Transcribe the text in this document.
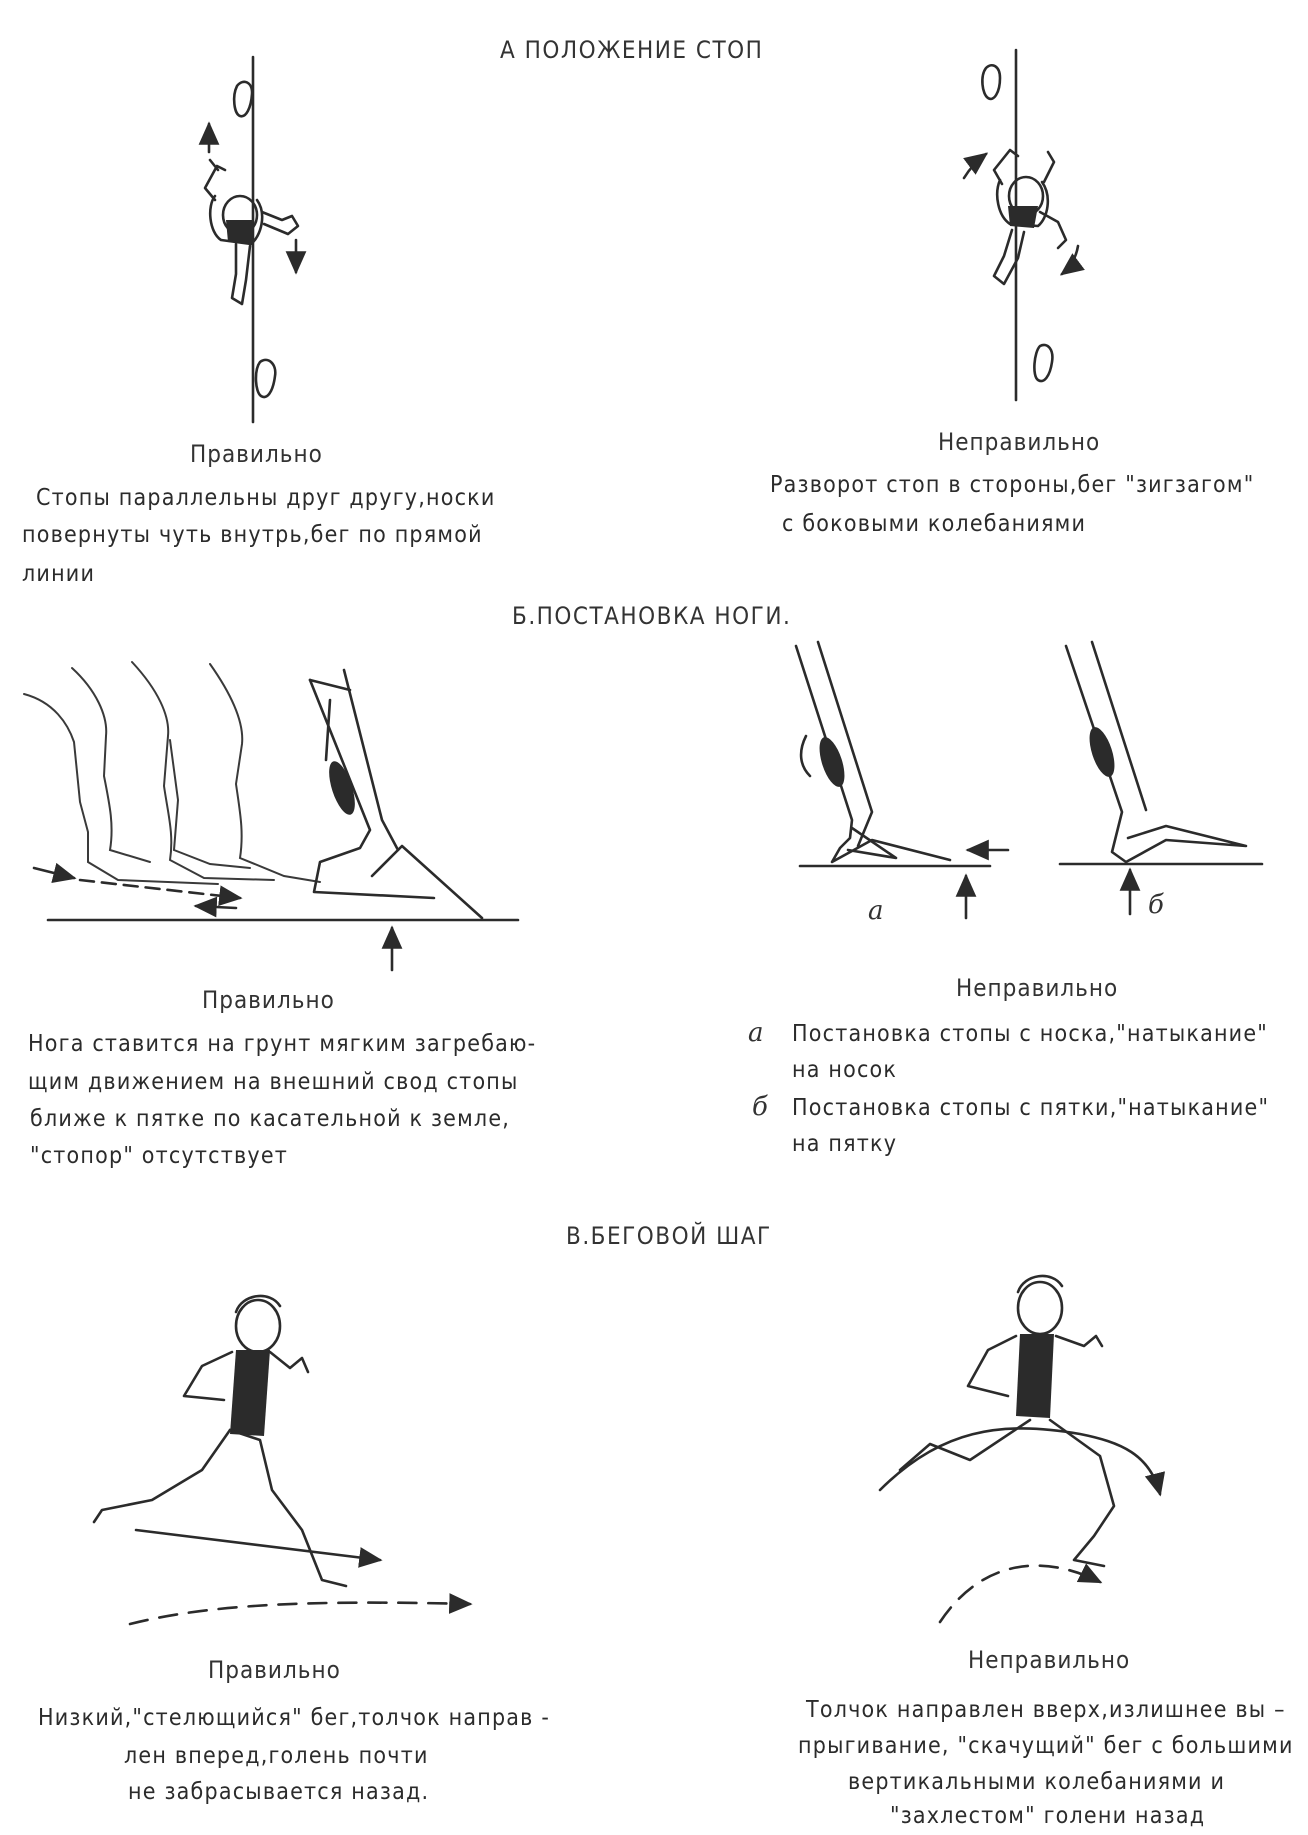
А ПОЛОЖЕНИЕ СТОП
Правильно
Стопы параллельны друг другу,носки
повернуты чуть внутрь,бег по прямой
линии
Неправильно
Разворот стоп в стороны,бег "зигзагом"
с боковыми колебаниями
Б.ПОСТАНОВКА НОГИ.
а	б
Правильно
Нога ставится на грунт мягким загребаю-
щим движением на внешний свод стопы
ближе к пятке по касательной к земле,
"стопор" отсутствует
Неправильно
а Постановка стопы с носка,"натыкание"
на носок
б Постановка стопы с пятки,"натыкание"
на пятку
В.БЕГОВОЙ ШАГ
Правильно
Низкий,"стелющийся" бег,толчок направ -
лен вперед,голень почти
не забрасывается назад.
Неправильно
Толчок направлен вверх,излишнее вы –
прыгивание, "скачущий" бег с большими
вертикальными колебаниями и
"захлестом" голени назад
